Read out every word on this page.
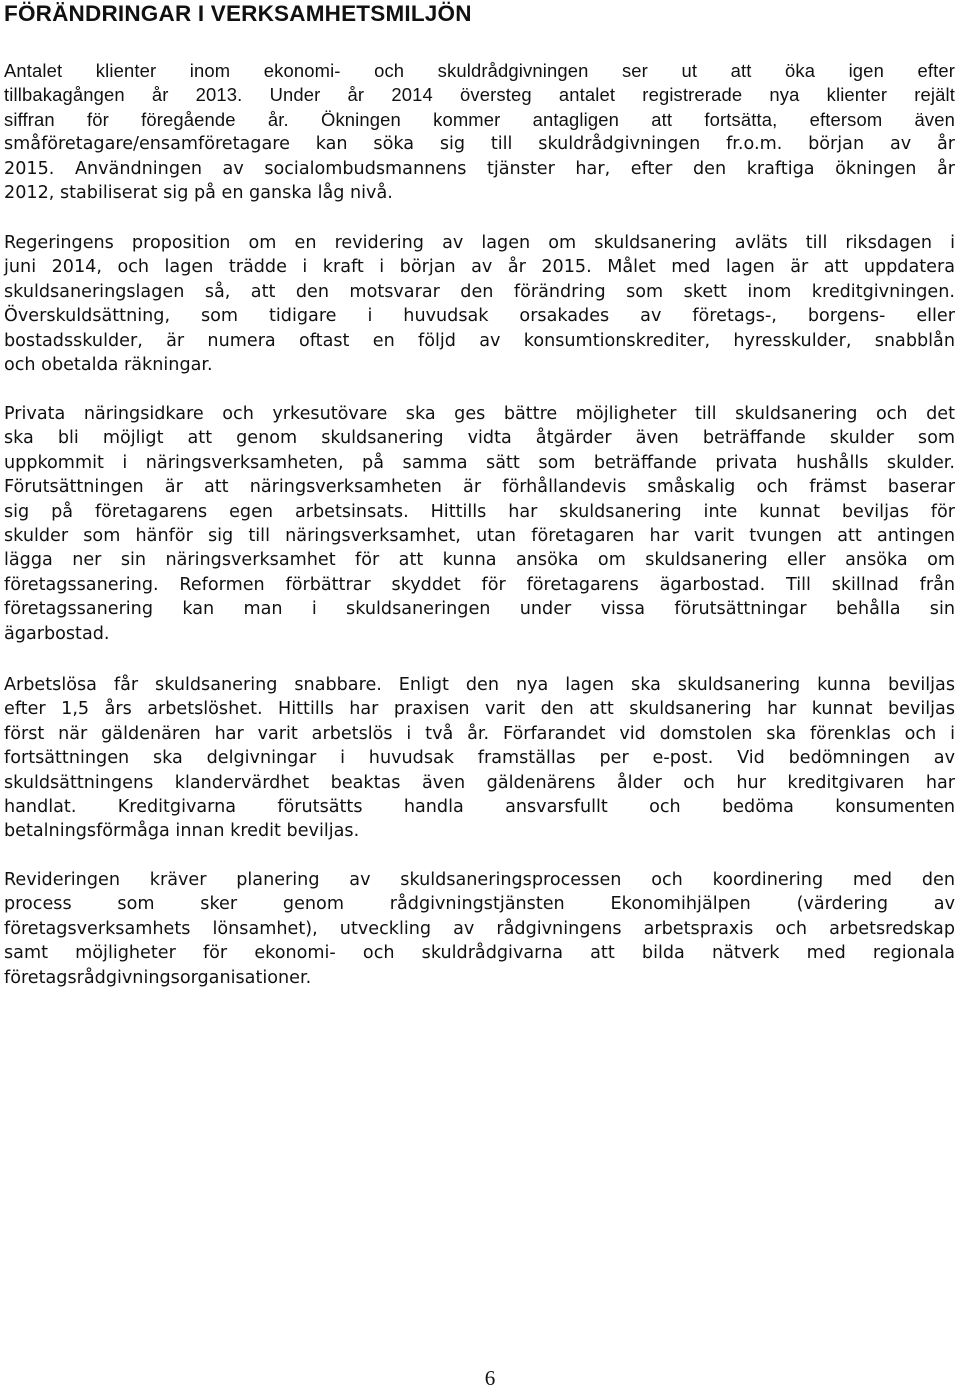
FÖRÄNDRINGAR I VERKSAMHETSMILJÖN

Antalet klienter inom ekonomi- och skuldrådgivningen ser ut att öka igen efter
tillbakagången år 2013. Under år 2014 översteg antalet registrerade nya klienter rejält
siffran för föregående år. Ökningen kommer antagligen att fortsätta, eftersom även
småföretagare/ensamföretagare kan söka sig till skuldrådgivningen fr.o.m. början av år
2015. Användningen av socialombudsmannens tjänster har, efter den kraftiga ökningen år
2012, stabiliserat sig på en ganska låg nivå.

Regeringens proposition om en revidering av lagen om skuldsanering avläts till riksdagen i
juni 2014, och lagen trädde i kraft i början av år 2015. Målet med lagen är att uppdatera
skuldsaneringslagen så, att den motsvarar den förändring som skett inom kreditgivningen.
Överskuldsättning, som tidigare i huvudsak orsakades av företags-, borgens- eller
bostadsskulder, är numera oftast en följd av konsumtionskrediter, hyresskulder, snabblån
och obetalda räkningar.

Privata näringsidkare och yrkesutövare ska ges bättre möjligheter till skuldsanering och det
ska bli möjligt att genom skuldsanering vidta åtgärder även beträffande skulder som
uppkommit i näringsverksamheten, på samma sätt som beträffande privata hushålls skulder.
Förutsättningen är att näringsverksamheten är förhållandevis småskalig och främst baserar
sig på företagarens egen arbetsinsats. Hittills har skuldsanering inte kunnat beviljas för
skulder som hänför sig till näringsverksamhet, utan företagaren har varit tvungen att antingen
lägga ner sin näringsverksamhet för att kunna ansöka om skuldsanering eller ansöka om
företagssanering. Reformen förbättrar skyddet för företagarens ägarbostad. Till skillnad från
företagssanering kan man i skuldsaneringen under vissa förutsättningar behålla sin
ägarbostad.

Arbetslösa får skuldsanering snabbare. Enligt den nya lagen ska skuldsanering kunna beviljas
efter 1,5 års arbetslöshet. Hittills har praxisen varit den att skuldsanering har kunnat beviljas
först när gäldenären har varit arbetslös i två år. Förfarandet vid domstolen ska förenklas och i
fortsättningen ska delgivningar i huvudsak framställas per e-post. Vid bedömningen av
skuldsättningens klandervärdhet beaktas även gäldenärens ålder och hur kreditgivaren har
handlat. Kreditgivarna förutsätts handla ansvarsfullt och bedöma konsumenten
betalningsförmåga innan kredit beviljas.

Revideringen kräver planering av skuldsaneringsprocessen och koordinering med den
process som sker genom rådgivningstjänsten Ekonomihjälpen (värdering av
företagsverksamhets lönsamhet), utveckling av rådgivningens arbetspraxis och arbetsredskap
samt möjligheter för ekonomi- och skuldrådgivarna att bilda nätverk med regionala
företagsrådgivningsorganisationer.

6
